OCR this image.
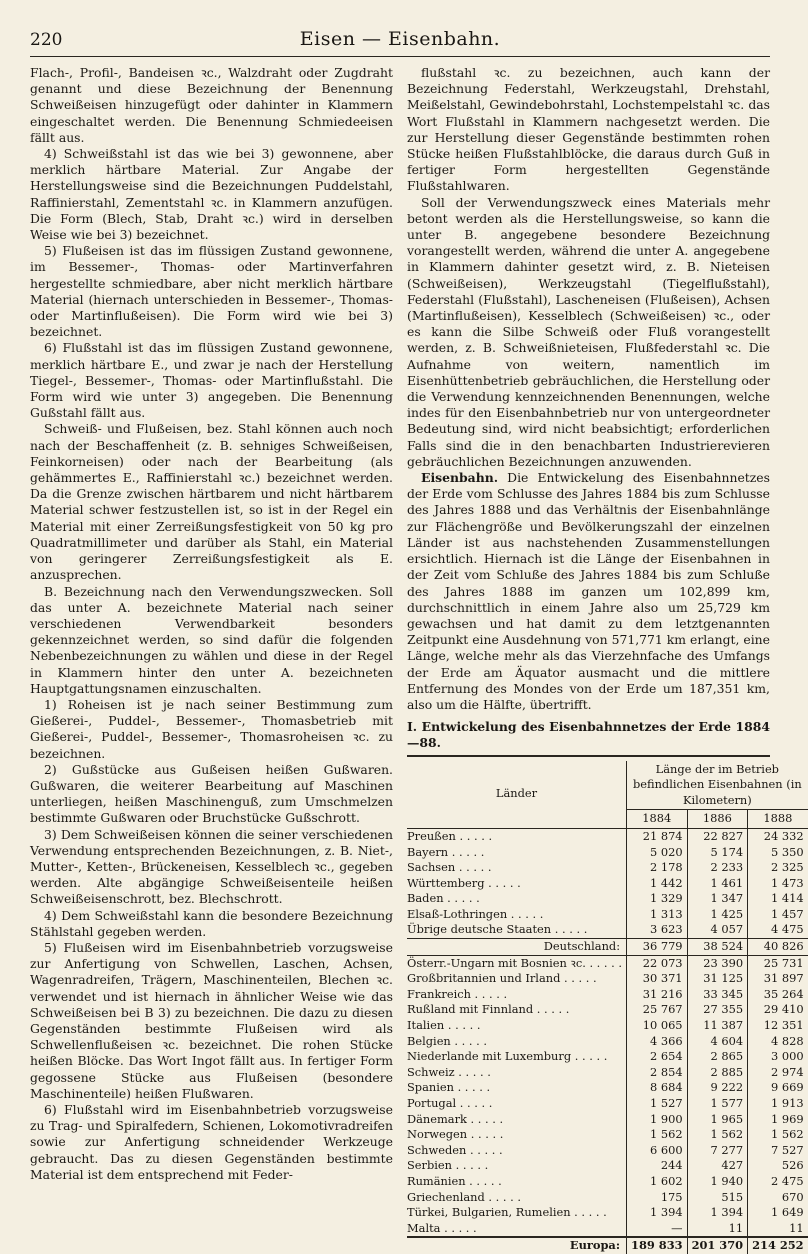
220	Eisen — Eisenbahn.

Flach-, Profil-, Bandeisen ꝛc., Walzdraht oder Zugdraht genannt und diese Bezeichnung der Benennung Schweißeisen hinzugefügt oder dahinter in Klammern eingeschaltet werden. Die Benennung Schmiedeeisen fällt aus.

4) Schweißstahl ist das wie bei 3) gewonnene, aber merklich härtbare Material. Zur Angabe der Herstellungsweise sind die Bezeichnungen Puddelstahl, Raffinierstahl, Zementstahl ꝛc. in Klammern anzufügen. Die Form (Blech, Stab, Draht ꝛc.) wird in derselben Weise wie bei 3) bezeichnet.

5) Flußeisen ist das im flüssigen Zustand gewonnene, im Bessemer-, Thomas- oder Martinverfahren hergestellte schmiedbare, aber nicht merklich härtbare Material (hiernach unterschieden in Bessemer-, Thomas- oder Martinflußeisen). Die Form wird wie bei 3) bezeichnet.

6) Flußstahl ist das im flüssigen Zustand gewonnene, merklich härtbare E., und zwar je nach der Herstellung Tiegel-, Bessemer-, Thomas- oder Martinflußstahl. Die Form wird wie unter 3) angegeben. Die Benennung Gußstahl fällt aus.

Schweiß- und Flußeisen, bez. Stahl können auch noch nach der Beschaffenheit (z. B. sehniges Schweißeisen, Feinkorneisen) oder nach der Bearbeitung (als gehämmertes E., Raffinierstahl ꝛc.) bezeichnet werden. Da die Grenze zwischen härtbarem und nicht härtbarem Material schwer festzustellen ist, so ist in der Regel ein Material mit einer Zerreißungsfestigkeit von 50 kg pro Quadratmillimeter und darüber als Stahl, ein Material von geringerer Zerreißungsfestigkeit als E. anzusprechen.

B. Bezeichnung nach den Verwendungszwecken. Soll das unter A. bezeichnete Material nach seiner verschiedenen Verwendbarkeit besonders gekennzeichnet werden, so sind dafür die folgenden Nebenbezeichnungen zu wählen und diese in der Regel in Klammern hinter den unter A. bezeichneten Hauptgattungsnamen einzuschalten.

1) Roheisen ist je nach seiner Bestimmung zum Gießerei-, Puddel-, Bessemer-, Thomasbetrieb mit Gießerei-, Puddel-, Bessemer-, Thomasroheisen ꝛc. zu bezeichnen.

2) Gußstücke aus Gußeisen heißen Gußwaren. Gußwaren, die weiterer Bearbeitung auf Maschinen unterliegen, heißen Maschinenguß, zum Umschmelzen bestimmte Gußwaren oder Bruchstücke Gußschrott.

3) Dem Schweißeisen können die seiner verschiedenen Verwendung entsprechenden Bezeichnungen, z. B. Niet-, Mutter-, Ketten-, Brückeneisen, Kesselblech ꝛc., gegeben werden. Alte abgängige Schweißeisenteile heißen Schweißeisenschrott, bez. Blechschrott.

4) Dem Schweißstahl kann die besondere Bezeichnung Stählstahl gegeben werden.

5) Flußeisen wird im Eisenbahnbetrieb vorzugsweise zur Anfertigung von Schwellen, Laschen, Achsen, Wagenradreifen, Trägern, Maschinenteilen, Blechen ꝛc. verwendet und ist hiernach in ähnlicher Weise wie das Schweißeisen bei B 3) zu bezeichnen. Die dazu zu diesen Gegenständen bestimmte Flußeisen wird als Schwellenflußeisen ꝛc. bezeichnet. Die rohen Stücke heißen Blöcke. Das Wort Ingot fällt aus. In fertiger Form gegossene Stücke aus Flußeisen (besondere Maschinenteile) heißen Flußwaren.

6) Flußstahl wird im Eisenbahnbetrieb vorzugsweise zu Trag- und Spiralfedern, Schienen, Lokomotivradreifen sowie zur Anfertigung schneidender Werkzeuge gebraucht. Das zu diesen Gegenständen bestimmte Material ist dem entsprechend mit Feder-

flußstahl ꝛc. zu bezeichnen, auch kann der Bezeichnung Federstahl, Werkzeugstahl, Drehstahl, Meißelstahl, Gewindebohrstahl, Lochstempelstahl ꝛc. das Wort Flußstahl in Klammern nachgesetzt werden. Die zur Herstellung dieser Gegenstände bestimmten rohen Stücke heißen Flußstahlblöcke, die daraus durch Guß in fertiger Form hergestellten Gegenstände Flußstahlwaren.

Soll der Verwendungszweck eines Materials mehr betont werden als die Herstellungsweise, so kann die unter B. angegebene besondere Bezeichnung vorangestellt werden, während die unter A. angegebene in Klammern dahinter gesetzt wird, z. B. Nieteisen (Schweißeisen), Werkzeugstahl (Tiegelflußstahl), Federstahl (Flußstahl), Lascheneisen (Flußeisen), Achsen (Martinflußeisen), Kesselblech (Schweißeisen) ꝛc., oder es kann die Silbe Schweiß oder Fluß vorangestellt werden, z. B. Schweißnieteisen, Flußfederstahl ꝛc. Die Aufnahme von weitern, namentlich im Eisenhüttenbetrieb gebräuchlichen, die Herstellung oder die Verwendung kennzeichnenden Benennungen, welche indes für den Eisenbahnbetrieb nur von untergeordneter Bedeutung sind, wird nicht beabsichtigt; erforderlichen Falls sind die in den benachbarten Industrierevieren gebräuchlichen Bezeichnungen anzuwenden.

Eisenbahn. Die Entwickelung des Eisenbahnnetzes der Erde vom Schlusse des Jahres 1884 bis zum Schlusse des Jahres 1888 und das Verhältnis der Eisenbahnlänge zur Flächengröße und Bevölkerungszahl der einzelnen Länder ist aus nachstehenden Zusammenstellungen ersichtlich. Hiernach ist die Länge der Eisenbahnen in der Zeit vom Schluße des Jahres 1884 bis zum Schluße des Jahres 1888 im ganzen um 102,899 km, durchschnittlich in einem Jahre also um 25,729 km gewachsen und hat damit zu dem letztgenannten Zeitpunkt eine Ausdehnung von 571,771 km erlangt, eine Länge, welche mehr als das Vierzehnfache des Umfangs der Erde am Äquator ausmacht und die mittlere Entfernung des Mondes von der Erde um 187,351 km, also um die Hälfte, übertrifft.

I. Entwickelung des Eisenbahnnetzes der Erde 1884—88.
Länder	Länge der im Betrieb befindlichen Eisenbahnen (in Kilometern)		
	1884	1886	1888
Preußen . . . . .	21 874	22 827	24 332
Bayern . . . . .	5 020	5 174	5 350
Sachsen . . . . .	2 178	2 233	2 325
Württemberg . . . . .	1 442	1 461	1 473
Baden . . . . .	1 329	1 347	1 414
Elsaß-Lothringen . . . . .	1 313	1 425	1 457
Übrige deutsche Staaten . . . . .	3 623	4 057	4 475
Deutschland:	36 779	38 524	40 826
Österr.-Ungarn mit Bosnien ꝛc. . . . . .	22 073	23 390	25 731
Großbritannien und Irland . . . . .	30 371	31 125	31 897
Frankreich . . . . .	31 216	33 345	35 264
Rußland mit Finnland . . . . .	25 767	27 355	29 410
Italien . . . . .	10 065	11 387	12 351
Belgien . . . . .	4 366	4 604	4 828
Niederlande mit Luxemburg . . . . .	2 654	2 865	3 000
Schweiz . . . . .	2 854	2 885	2 974
Spanien . . . . .	8 684	9 222	9 669
Portugal . . . . .	1 527	1 577	1 913
Dänemark . . . . .	1 900	1 965	1 969
Norwegen . . . . .	1 562	1 562	1 562
Schweden . . . . .	6 600	7 277	7 527
Serbien . . . . .	244	427	526
Rumänien . . . . .	1 602	1 940	2 475
Griechenland . . . . .	175	515	670
Türkei, Bulgarien, Rumelien . . . . .	1 394	1 394	1 649
Malta . . . . .	—	11	11
Europa:	189 833	201 370	214 252
